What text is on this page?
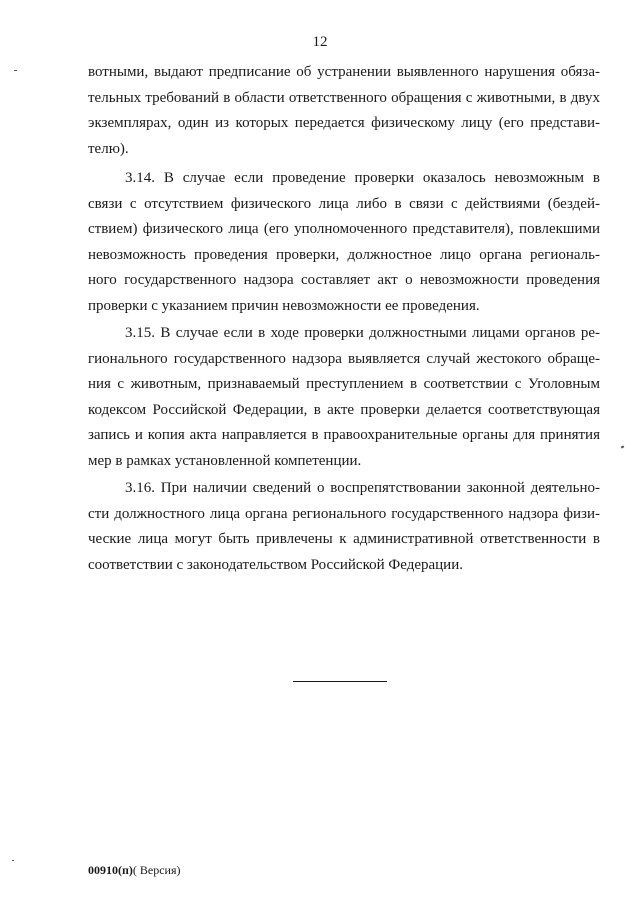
12

вотными, выдают предписание об устранении выявленного нарушения обяза-
тельных требований в области ответственного обращения с животными, в двух
экземплярах, один из которых передается физическому лицу (его представи-
телю).

3.14. В случае если проведение проверки оказалось невозможным в
связи с отсутствием физического лица либо в связи с действиями (бездей-
ствием) физического лица (его уполномоченного представителя), повлекшими
невозможность проведения проверки, должностное лицо органа региональ-
ного государственного надзора составляет акт о невозможности проведения
проверки с указанием причин невозможности ее проведения.

3.15. В случае если в ходе проверки должностными лицами органов ре-
гионального государственного надзора выявляется случай жестокого обраще-
ния с животным, признаваемый преступлением в соответствии с Уголовным
кодексом Российской Федерации, в акте проверки делается соответствующая
запись и копия акта направляется в правоохранительные органы для принятия
мер в рамках установленной компетенции.

3.16. При наличии сведений о воспрепятствовании законной деятельно-
сти должностного лица органа регионального государственного надзора физи-
ческие лица могут быть привлечены к административной ответственности в
соответствии с законодательством Российской Федерации.

00910(п)( Версия)
